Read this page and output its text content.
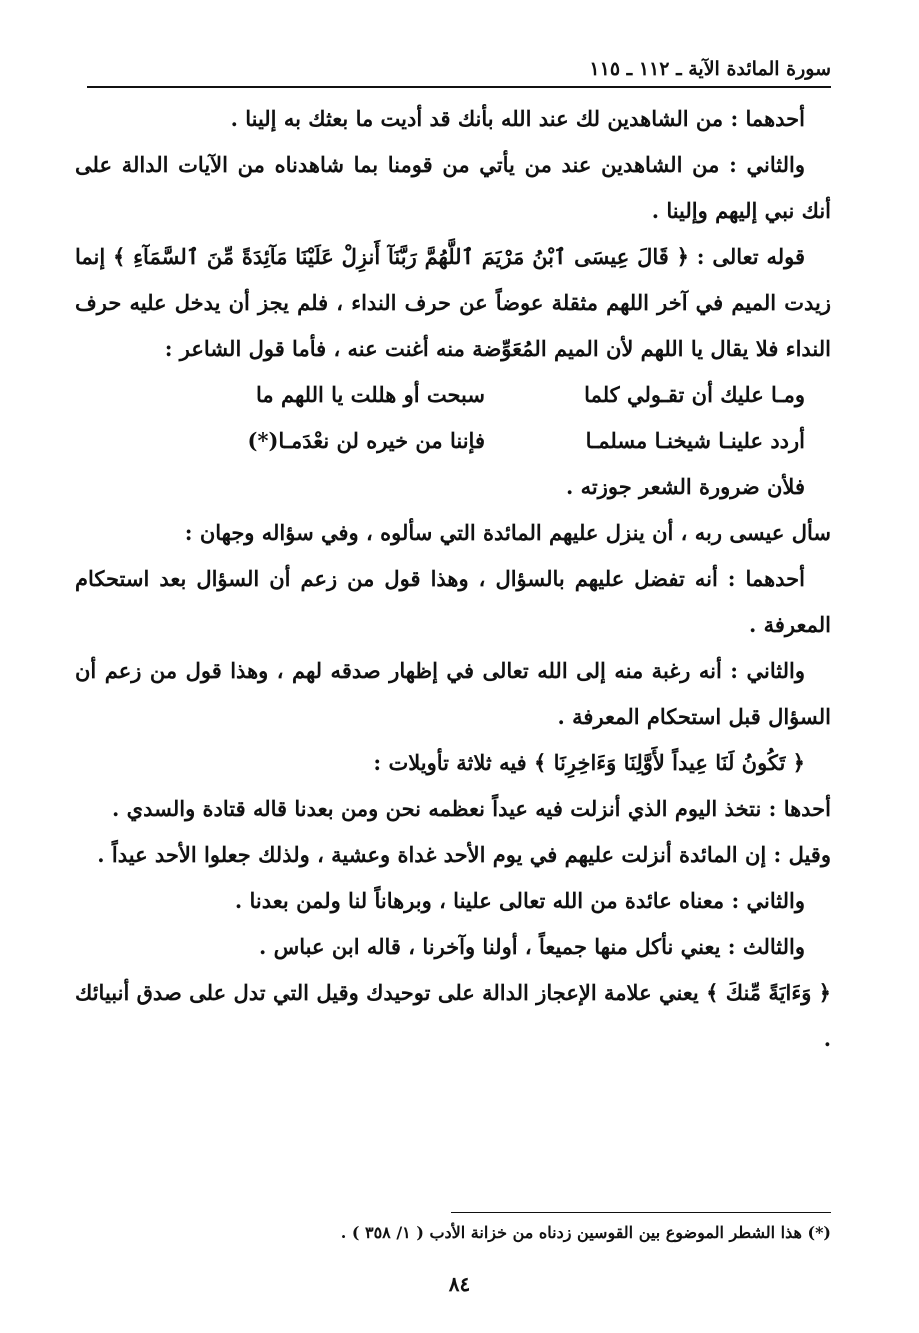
سورة المائدة الآية ـ ١١٢ ـ ١١٥

أحدهما : من الشاهدين لك عند الله بأنك قد أديت ما بعثك به إلينا .

والثاني : من الشاهدين عند من يأتي من قومنا بما شاهدناه من الآيات الدالة على أنك نبي إليهم وإلينا .

قوله تعالى : ﴿ قَالَ عِيسَى ٱبْنُ مَرْيَمَ ٱللَّهُمَّ رَبَّنَآ أَنزِلْ عَلَيْنَا مَآئِدَةً مِّنَ ٱلسَّمَآءِ ﴾ إنما زيدت الميم في آخر اللهم مثقلة عوضاً عن حرف النداء ، فلم يجز أن يدخل عليه حرف النداء فلا يقال يا اللهم لأن الميم المُعَوِّضة منه أغنت عنه ، فأما قول الشاعر :

ومـا عليك أن تقـولي كلما
سبحت أو هللت يا اللهم ما
أردد علينـا شيخنـا مسلمـا
فإننا من خيره لن نعْدَمـا(*)

فلأن ضرورة الشعر جوزته .

سأل عيسى ربه ، أن ينزل عليهم المائدة التي سألوه ، وفي سؤاله وجهان :

أحدهما : أنه تفضل عليهم بالسؤال ، وهذا قول من زعم أن السؤال بعد استحكام المعرفة .

والثاني : أنه رغبة منه إلى الله تعالى في إظهار صدقه لهم ، وهذا قول من زعم أن السؤال قبل استحكام المعرفة .

﴿ تَكُونُ لَنَا عِيداً لأَوَّلِنَا وَءَاخِرِنَا ﴾ فيه ثلاثة تأويلات :

أحدها : نتخذ اليوم الذي أنزلت فيه عيداً نعظمه نحن ومن بعدنا قاله قتادة والسدي .

وقيل : إن المائدة أنزلت عليهم في يوم الأحد غداة وعشية ، ولذلك جعلوا الأحد عيداً .

والثاني : معناه عائدة من الله تعالى علينا ، وبرهاناً لنا ولمن بعدنا .

والثالث : يعني نأكل منها جميعاً ، أولنا وآخرنا ، قاله ابن عباس .

﴿ وَءَايَةً مِّنكَ ﴾ يعني علامة الإعجاز الدالة على توحيدك وقيل التي تدل على صدق أنبيائك .

(*) هذا الشطر الموضوع بين القوسين زدناه من خزانة الأدب ( ١/ ٣٥٨ ) .
٨٤
